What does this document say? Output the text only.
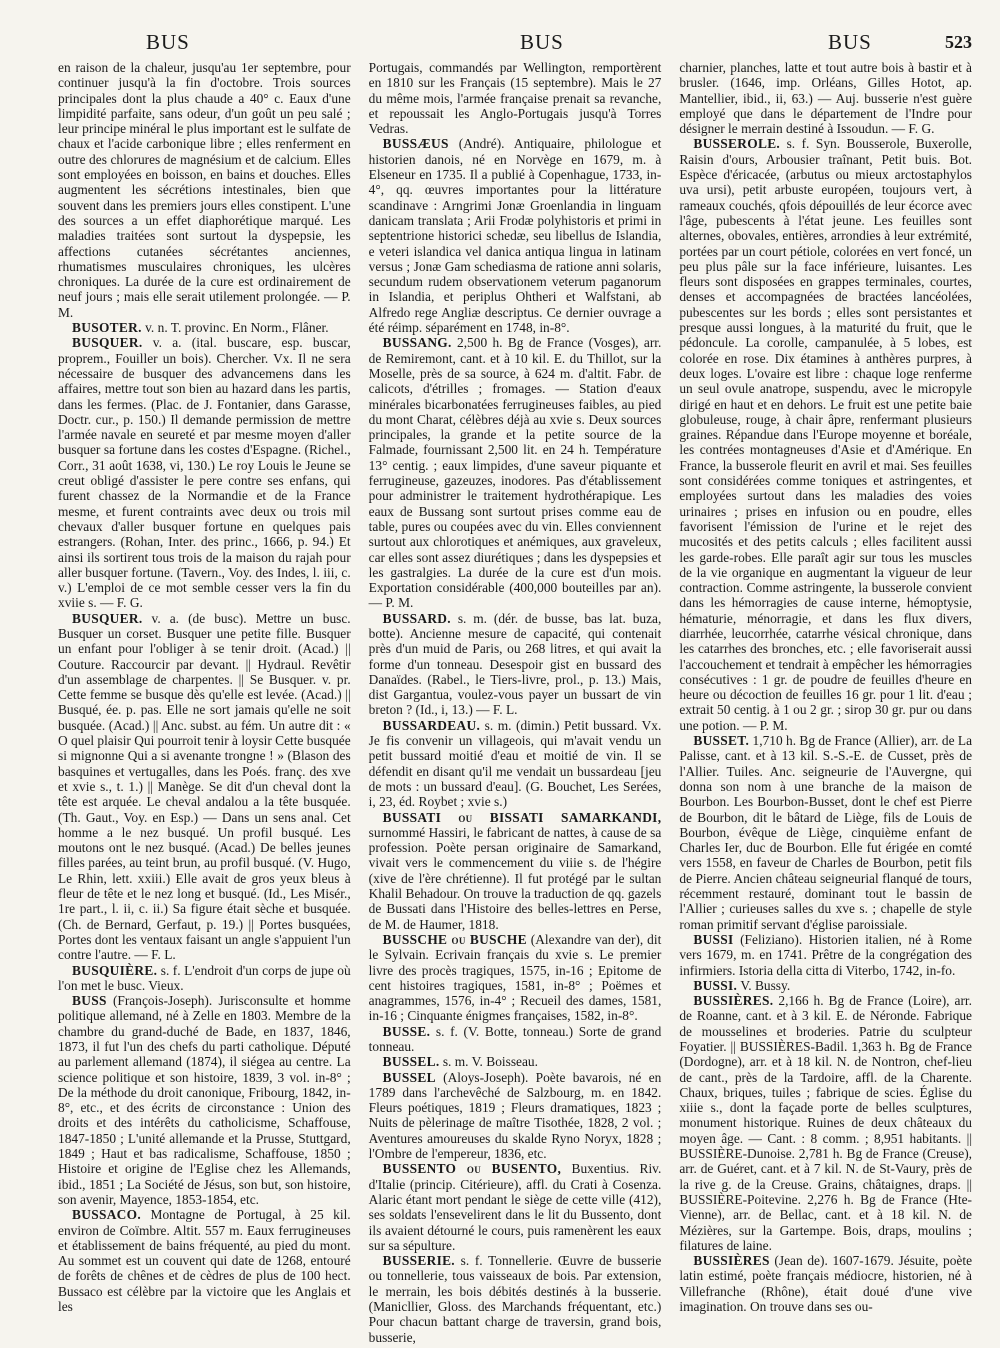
BUS	BUS	BUS	523

en raison de la chaleur, jusqu'au 1er septembre, pour continuer jusqu'à la fin d'octobre. Trois sources principales dont la plus chaude a 40° c. Eaux d'une limpidité parfaite, sans odeur, d'un goût un peu salé ; leur principe minéral le plus important est le sulfate de chaux et l'acide carbonique libre ; elles renferment en outre des chlorures de magnésium et de calcium. Elles sont employées en boisson, en bains et douches. Elles augmentent les sécrétions intestinales, bien que souvent dans les premiers jours elles constipent. L'une des sources a un effet diaphorétique marqué. Les maladies traitées sont surtout la dyspepsie, les affections cutanées sécrétantes anciennes, rhumatismes musculaires chroniques, les ulcères chroniques. La durée de la cure est ordinairement de neuf jours ; mais elle serait utilement prolongée. — P. M.

BUSOTER. v. n. T. provinc. En Norm., Flâner.

BUSQUER. v. a. (ital. buscare, esp. buscar, proprem., Fouiller un bois). Chercher. Vx. Il ne sera nécessaire de busquer des advancemens dans les affaires, mettre tout son bien au hazard dans les partis, dans les fermes. (Plac. de J. Fontanier, dans Garasse, Doctr. cur., p. 150.) Il demande permission de mettre l'armée navale en seureté et par mesme moyen d'aller busquer sa fortune dans les costes d'Espagne. (Richel., Corr., 31 août 1638, vi, 130.) Le roy Louis le Jeune se creut obligé d'assister le pere contre ses enfans, qui furent chassez de la Normandie et de la France mesme, et furent contraints avec deux ou trois mil chevaux d'aller busquer fortune en quelques pais estrangers. (Rohan, Inter. des princ., 1666, p. 94.) Et ainsi ils sortirent tous trois de la maison du rajah pour aller busquer fortune. (Tavern., Voy. des Indes, l. iii, c. v.) L'emploi de ce mot semble cesser vers la fin du xviie s. — F. G.

BUSQUER. v. a. (de busc). Mettre un busc. Busquer un corset. Busquer une petite fille. Busquer un enfant pour l'obliger à se tenir droit. (Acad.) || Couture. Raccourcir par devant. || Hydraul. Revêtir d'un assemblage de charpentes. || Se Busquer. v. pr. Cette femme se busque dès qu'elle est levée. (Acad.) || Busqué, ée. p. pas. Elle ne sort jamais qu'elle ne soit busquée. (Acad.) || Anc. subst. au fém. Un autre dit : « O quel plaisir Qui pourroit tenir à loysir Cette busquée si mignonne Qui a si avenante trongne ! » (Blason des basquines et vertugalles, dans les Poés. franç. des xve et xvie s., t. 1.) || Manège. Se dit d'un cheval dont la tête est arquée. Le cheval andalou a la tête busquée. (Th. Gaut., Voy. en Esp.) — Dans un sens anal. Cet homme a le nez busqué. Un profil busqué. Les moutons ont le nez busqué. (Acad.) De belles jeunes filles parées, au teint brun, au profil busqué. (V. Hugo, Le Rhin, lett. xxiii.) Elle avait de gros yeux bleus à fleur de tête et le nez long et busqué. (Id., Les Misér., 1re part., l. ii, c. ii.) Sa figure était sèche et busquée. (Ch. de Bernard, Gerfaut, p. 19.) || Portes busquées, Portes dont les ventaux faisant un angle s'appuient l'un contre l'autre. — F. L.

BUSQUIÈRE. s. f. L'endroit d'un corps de jupe où l'on met le busc. Vieux.

BUSS (François-Joseph). Jurisconsulte et homme politique allemand, né à Zelle en 1803. Membre de la chambre du grand-duché de Bade, en 1837, 1846, 1873, il fut l'un des chefs du parti catholique. Député au parlement allemand (1874), il siégea au centre. La science politique et son histoire, 1839, 3 vol. in-8° ; De la méthode du droit canonique, Fribourg, 1842, in-8°, etc., et des écrits de circonstance : Union des droits et des intérêts du catholicisme, Schaffouse, 1847-1850 ; L'unité allemande et la Prusse, Stuttgard, 1849 ; Haut et bas radicalisme, Schaffouse, 1850 ; Histoire et origine de l'Eglise chez les Allemands, ibid., 1851 ; La Société de Jésus, son but, son histoire, son avenir, Mayence, 1853-1854, etc.

BUSSACO. Montagne de Portugal, à 25 kil. environ de Coïmbre. Altit. 557 m. Eaux ferrugineuses et établissement de bains fréquenté, au pied du mont. Au sommet est un couvent qui date de 1268, entouré de forêts de chênes et de cèdres de plus de 100 hect. Bussaco est célèbre par la victoire que les Anglais et les

Portugais, commandés par Wellington, remportèrent en 1810 sur les Français (15 septembre). Mais le 27 du même mois, l'armée française prenait sa revanche, et repoussait les Anglo-Portugais jusqu'à Torres Vedras.

BUSSÆUS (André). Antiquaire, philologue et historien danois, né en Norvège en 1679, m. à Elseneur en 1735. Il a publié à Copenhague, 1733, in-4°, qq. œuvres importantes pour la littérature scandinave : Arngrimi Jonæ Groenlandia in linguam danicam translata ; Arii Frodæ polyhistoris et primi in septentrione historici schedæ, seu libellus de Islandia, e veteri islandica vel danica antiqua lingua in latinam versus ; Jonæ Gam schediasma de ratione anni solaris, secundum rudem observationem veterum paganorum in Islandia, et periplus Ohtheri et Walfstani, ab Alfredo rege Angliæ descriptus. Ce dernier ouvrage a été réimp. séparément en 1748, in-8°.

BUSSANG. 2,500 h. Bg de France (Vosges), arr. de Remiremont, cant. et à 10 kil. E. du Thillot, sur la Moselle, près de sa source, à 624 m. d'altit. Fabr. de calicots, d'étrilles ; fromages. — Station d'eaux minérales bicarbonatées ferrugineuses faibles, au pied du mont Charat, célèbres déjà au xvie s. Deux sources principales, la grande et la petite source de la Falmade, fournissant 2,500 lit. en 24 h. Température 13° centig. ; eaux limpides, d'une saveur piquante et ferrugineuse, gazeuzes, inodores. Pas d'établissement pour administrer le traitement hydrothérapique. Les eaux de Bussang sont surtout prises comme eau de table, pures ou coupées avec du vin. Elles conviennent surtout aux chlorotiques et anémiques, aux graveleux, car elles sont assez diurétiques ; dans les dyspepsies et les gastralgies. La durée de la cure est d'un mois. Exportation considérable (400,000 bouteilles par an). — P. M.

BUSSARD. s. m. (dér. de busse, bas lat. buza, botte). Ancienne mesure de capacité, qui contenait près d'un muid de Paris, ou 268 litres, et qui avait la forme d'un tonneau. Desespoir gist en bussard des Danaïdes. (Rabel., le Tiers-livre, prol., p. 13.) Mais, dist Gargantua, voulez-vous payer un bussart de vin breton ? (Id., i, 13.) — F. L.

BUSSARDEAU. s. m. (dimin.) Petit bussard. Vx. Je fis convenir un villageois, qui m'avait vendu un petit bussard moitié d'eau et moitié de vin. Il se défendit en disant qu'il me vendait un bussardeau [jeu de mots : un bussard d'eau]. (G. Bouchet, Les Serées, i, 23, éd. Roybet ; xvie s.)

BUSSATI ou BISSATI SAMARKANDI, surnommé Hassiri, le fabricant de nattes, à cause de sa profession. Poète persan originaire de Samarkand, vivait vers le commencement du viiie s. de l'hégire (xive de l'ère chrétienne). Il fut protégé par le sultan Khalil Behadour. On trouve la traduction de qq. gazels de Bussati dans l'Histoire des belles-lettres en Perse, de M. de Haumer, 1818.

BUSSCHE ou BUSCHE (Alexandre van der), dit le Sylvain. Ecrivain français du xvie s. Le premier livre des procès tragiques, 1575, in-16 ; Epitome de cent histoires tragiques, 1581, in-8° ; Poëmes et anagrammes, 1576, in-4° ; Recueil des dames, 1581, in-16 ; Cinquante énigmes françaises, 1582, in-8°.

BUSSE. s. f. (V. Botte, tonneau.) Sorte de grand tonneau.

BUSSEL. s. m. V. Boisseau.

BUSSEL (Aloys-Joseph). Poète bavarois, né en 1789 dans l'archevêché de Salzbourg, m. en 1842. Fleurs poétiques, 1819 ; Fleurs dramatiques, 1823 ; Nuits de pèlerinage de maître Tisothée, 1828, 2 vol. ; Aventures amoureuses du skalde Ryno Noryx, 1828 ; l'Ombre de l'empereur, 1836, etc.

BUSSENTO ou BUSENTO, Buxentius. Riv. d'Italie (princip. Citérieure), affl. du Crati à Cosenza. Alaric étant mort pendant le siège de cette ville (412), ses soldats l'ensevelirent dans le lit du Bussento, dont ils avaient détourné le cours, puis ramenèrent les eaux sur sa sépulture.

BUSSERIE. s. f. Tonnellerie. Œuvre de busserie ou tonnellerie, tous vaisseaux de bois. Par extension, le merrain, les bois débités destinés à la busserie. (Manicllier, Gloss. des Marchands fréquentant, etc.) Pour chacun battant charge de traversin, grand bois, busserie,

charnier, planches, latte et tout autre bois à bastir et à brusler. (1646, imp. Orléans, Gilles Hotot, ap. Mantellier, ibid., ii, 63.) — Auj. busserie n'est guère employé que dans le département de l'Indre pour désigner le merrain destiné à Issoudun. — F. G.

BUSSEROLE. s. f. Syn. Bousserole, Buxerolle, Raisin d'ours, Arbousier traînant, Petit buis. Bot. Espèce d'éricacée, (arbutus ou mieux arctostaphylos uva ursi), petit arbuste européen, toujours vert, à rameaux couchés, qfois dépouillés de leur écorce avec l'âge, pubescents à l'état jeune. Les feuilles sont alternes, obovales, entières, arrondies à leur extrémité, portées par un court pétiole, colorées en vert foncé, un peu plus pâle sur la face inférieure, luisantes. Les fleurs sont disposées en grappes terminales, courtes, denses et accompagnées de bractées lancéolées, pubescentes sur les bords ; elles sont persistantes et presque aussi longues, à la maturité du fruit, que le pédoncule. La corolle, campanulée, à 5 lobes, est colorée en rose. Dix étamines à anthères purpres, à deux loges. L'ovaire est libre : chaque loge renferme un seul ovule anatrope, suspendu, avec le micropyle dirigé en haut et en dehors. Le fruit est une petite baie globuleuse, rouge, à chair âpre, renfermant plusieurs graines. Répandue dans l'Europe moyenne et boréale, les contrées montagneuses d'Asie et d'Amérique. En France, la busserole fleurit en avril et mai. Ses feuilles sont considérées comme toniques et astringentes, et employées surtout dans les maladies des voies urinaires ; prises en infusion ou en poudre, elles favorisent l'émission de l'urine et le rejet des mucosités et des petits calculs ; elles facilitent aussi les garde-robes. Elle paraît agir sur tous les muscles de la vie organique en augmentant la vigueur de leur contraction. Comme astringente, la busserole convient dans les hémorragies de cause interne, hémoptysie, hématurie, ménorragie, et dans les flux divers, diarrhée, leucorrhée, catarrhe vésical chronique, dans les catarrhes des bronches, etc. ; elle favoriserait aussi l'accouchement et tendrait à empêcher les hémorragies consécutives : 1 gr. de poudre de feuilles d'heure en heure ou décoction de feuilles 16 gr. pour 1 lit. d'eau ; extrait 50 centig. à 1 ou 2 gr. ; sirop 30 gr. pur ou dans une potion. — P. M.

BUSSET. 1,710 h. Bg de France (Allier), arr. de La Palisse, cant. et à 13 kil. S.-S.-E. de Cusset, près de l'Allier. Tuiles. Anc. seigneurie de l'Auvergne, qui donna son nom à une branche de la maison de Bourbon. Les Bourbon-Busset, dont le chef est Pierre de Bourbon, dit le bâtard de Liège, fils de Louis de Bourbon, évêque de Liège, cinquième enfant de Charles Ier, duc de Bourbon. Elle fut érigée en comté vers 1558, en faveur de Charles de Bourbon, petit fils de Pierre. Ancien château seigneurial flanqué de tours, récemment restauré, dominant tout le bassin de l'Allier ; curieuses salles du xve s. ; chapelle de style roman primitif servant d'église paroissiale.

BUSSI (Feliziano). Historien italien, né à Rome vers 1679, m. en 1741. Prêtre de la congrégation des infirmiers. Istoria della citta di Viterbo, 1742, in-fo.

BUSSI. V. Bussy.

BUSSIÈRES. 2,166 h. Bg de France (Loire), arr. de Roanne, cant. et à 3 kil. E. de Néronde. Fabrique de mousselines et broderies. Patrie du sculpteur Foyatier. || BUSSIÈRES-Badil. 1,363 h. Bg de France (Dordogne), arr. et à 18 kil. N. de Nontron, chef-lieu de cant., près de la Tardoire, affl. de la Charente. Chaux, briques, tuiles ; fabrique de scies. Église du xiiie s., dont la façade porte de belles sculptures, monument historique. Ruines de deux châteaux du moyen âge. — Cant. : 8 comm. ; 8,951 habitants. || BUSSIÈRE-Dunoise. 2,781 h. Bg de France (Creuse), arr. de Guéret, cant. et à 7 kil. N. de St-Vaury, près de la rive g. de la Creuse. Grains, châtaignes, draps. || BUSSIÈRE-Poitevine. 2,276 h. Bg de France (Hte-Vienne), arr. de Bellac, cant. et à 18 kil. N. de Mézières, sur la Gartempe. Bois, draps, moulins ; filatures de laine.

BUSSIÈRES (Jean de). 1607-1679. Jésuite, poète latin estimé, poète français médiocre, historien, né à Villefranche (Rhône), était doué d'une vive imagination. On trouve dans ses ou-
